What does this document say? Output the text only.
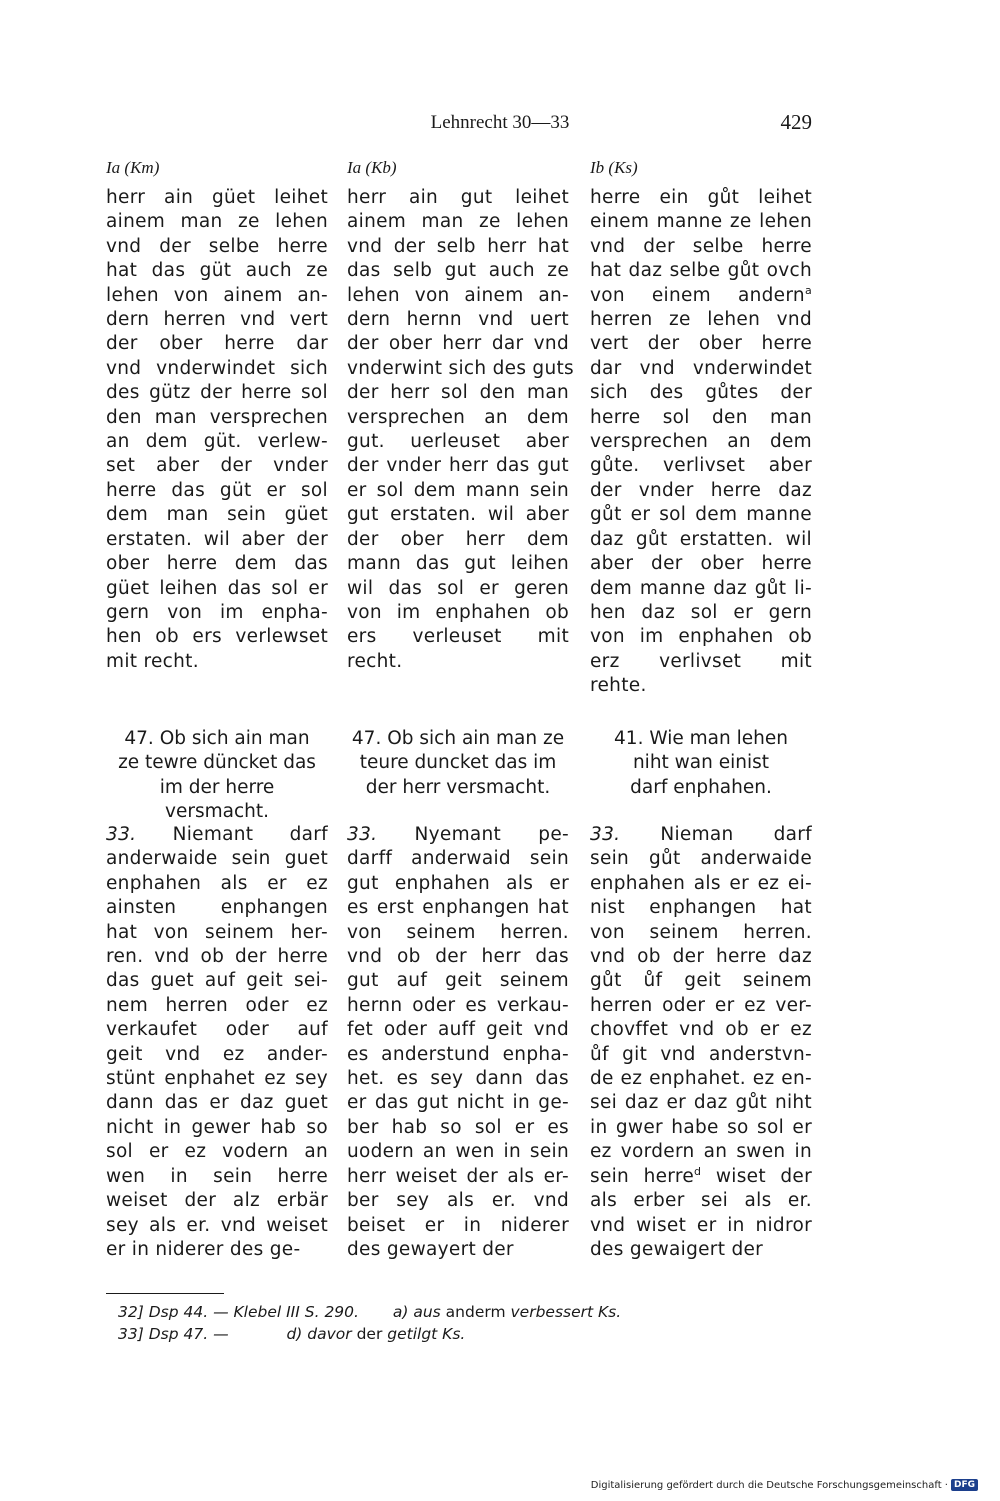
Lehnrecht 30—33	429
Ia (Km)
herr ain güet leihet
ainem man ze lehen
vnd der selbe herre
hat das güt auch ze
lehen von ainem an-
dern herren vnd vert
der ober herre dar
vnd vnderwindet sich
des gütz der herre sol
den man versprechen
an dem güt. verlew-
set aber der vnder
herre das güt er sol
dem man sein güet
erstaten. wil aber der
ober herre dem das
güet leihen das sol er
gern von im enpha-
hen ob ers verlewset
mit recht.
Ia (Kb)
herr ain gut leihet
ainem man ze lehen
vnd der selb herr hat
das selb gut auch ze
lehen von ainem an-
dern hernn vnd uert
der ober herr dar vnd
vnderwint sich des guts
der herr sol den man
versprechen an dem
gut. uerleuset aber
der vnder herr das gut
er sol dem mann sein
gut erstaten. wil aber
der ober herr dem
mann das gut leihen
wil das sol er geren
von im enphahen ob
ers verleuset mit
recht.
Ib (Ks)
herre ein gůt leihet
einem manne ze lehen
vnd der selbe herre
hat daz selbe gůt ovch
von einem andern$^a$
herren ze lehen vnd
vert der ober herre
dar vnd vnderwindet
sich des gůtes der
herre sol den man
versprechen an dem
gůte. verlivset aber
der vnder herre daz
gůt er sol dem manne
daz gůt erstatten. wil
aber der ober herre
dem manne daz gůt li-
hen daz sol er gern
von im enphahen ob
erz verlivset mit
rehte.
47. Ob sich ain man
ze tewre düncket das
im der herre
versmacht.
47. Ob sich ain man ze
teure duncket das im
der herr versmacht.
41. Wie man lehen
niht wan einist
darf enphahen.
33. Niemant darf
anderwaide sein guet
enphahen als er ez
ainsten enphangen
hat von seinem her-
ren. vnd ob der herre
das guet auf geit sei-
nem herren oder ez
verkaufet oder auf
geit vnd ez ander-
stünt enphahet ez sey
dann das er daz guet
nicht in gewer hab so
sol er ez vodern an
wen in sein herre
weiset der alz erbär
sey als er. vnd weiset
er in niderer des ge-
33. Nyemant pe-
darff anderwaid sein
gut enphahen als er
es erst enphangen hat
von seinem herren.
vnd ob der herr das
gut auf geit seinem
hernn oder es verkau-
fet oder auff geit vnd
es anderstund enpha-
het. es sey dann das
er das gut nicht in ge-
ber hab so sol er es
uodern an wen in sein
herr weiset der als er-
ber sey als er. vnd
beiset er in niderer
des gewayert der
33. Nieman darf
sein gůt anderwaide
enphahen als er ez ei-
nist enphangen hat
von seinem herren.
vnd ob der herre daz
gůt ůf geit seinem
herren oder er ez ver-
chovffet vnd ob er ez
ůf git vnd anderstvn-
de ez enphahet. ez en-
sei daz er daz gůt niht
in gwer habe so sol er
ez vordern an swen in
sein herre$^d$ wiset der
als erber sei als er.
vnd wiset er in nidror
des gewaigert der
32] Dsp 44. — Klebel III S. 290. a) aus anderm verbessert Ks.
33] Dsp 47. —	d) davor der getilgt Ks.
Digitalisierung gefördert durch die Deutsche Forschungsgemeinschaft · DFG
